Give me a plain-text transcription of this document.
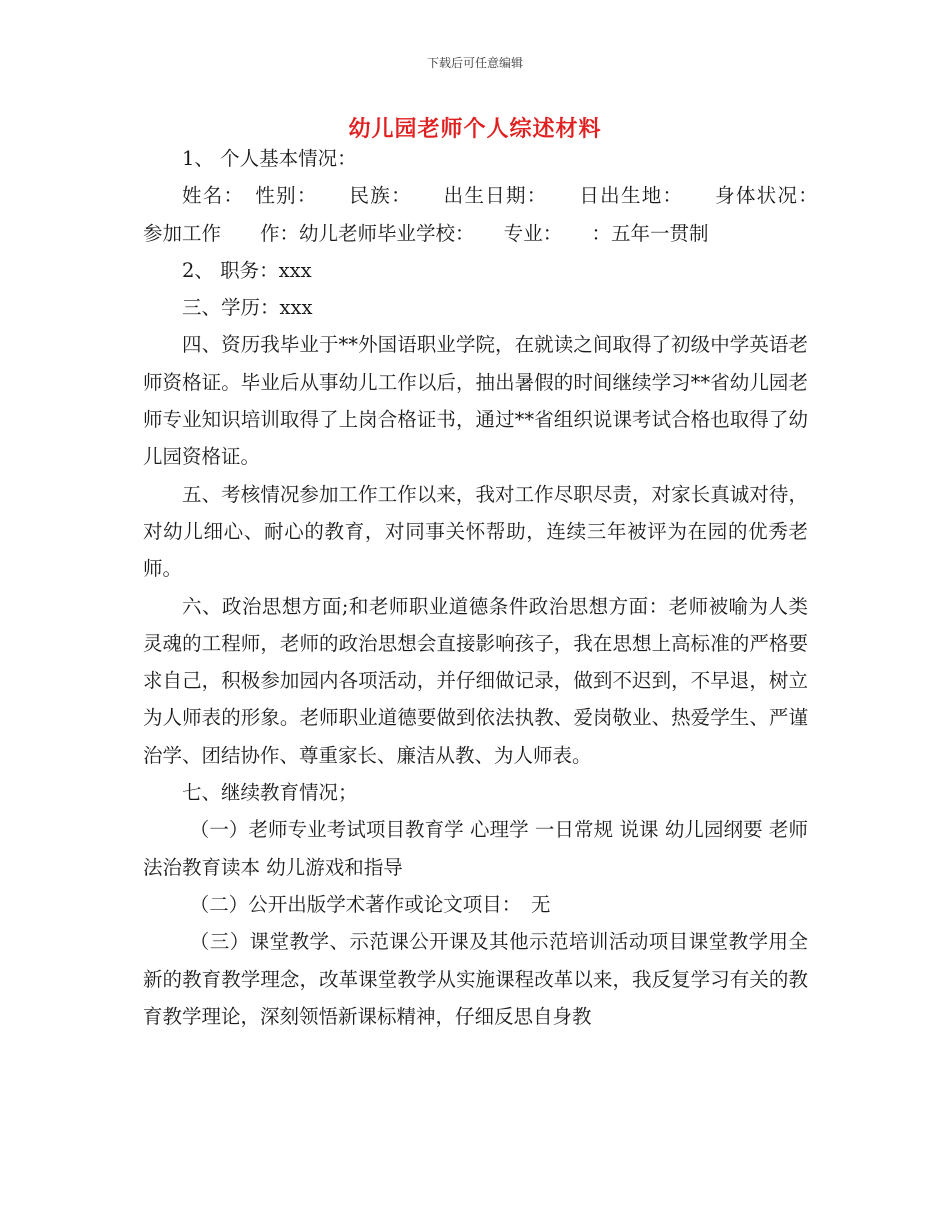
下载后可任意编辑
幼儿园老师个人综述材料

1、 个人基本情况：

姓名：　性别：　　民族：　　出生日期：　　日出生地：　　身体状况：　　参加工作　　作：幼儿老师毕业学校：　　专业：　　：五年一贯制

2、 职务：xxx

三、学历：xxx

四、资历我毕业于**外国语职业学院，在就读之间取得了初级中学英语老师资格证。毕业后从事幼儿工作以后，抽出暑假的时间继续学习**省幼儿园老师专业知识培训取得了上岗合格证书，通过**省组织说课考试合格也取得了幼儿园资格证。

五、考核情况参加工作工作以来，我对工作尽职尽责，对家长真诚对待，对幼儿细心、耐心的教育，对同事关怀帮助，连续三年被评为在园的优秀老师。

六、政治思想方面;和老师职业道德条件政治思想方面：老师被喻为人类灵魂的工程师，老师的政治思想会直接影响孩子，我在思想上高标准的严格要求自己，积极参加园内各项活动，并仔细做记录，做到不迟到，不早退，树立为人师表的形象。老师职业道德要做到依法执教、爱岗敬业、热爱学生、严谨治学、团结协作、尊重家长、廉洁从教、为人师表。

七、继续教育情况；

（一）老师专业考试项目教育学 心理学 一日常规 说课 幼儿园纲要 老师法治教育读本 幼儿游戏和指导

（二）公开出版学术著作或论文项目：　无

（三）课堂教学、示范课公开课及其他示范培训活动项目课堂教学用全新的教育教学理念，改革课堂教学从实施课程改革以来，我反复学习有关的教育教学理论，深刻领悟新课标精神，仔细反思自身教
